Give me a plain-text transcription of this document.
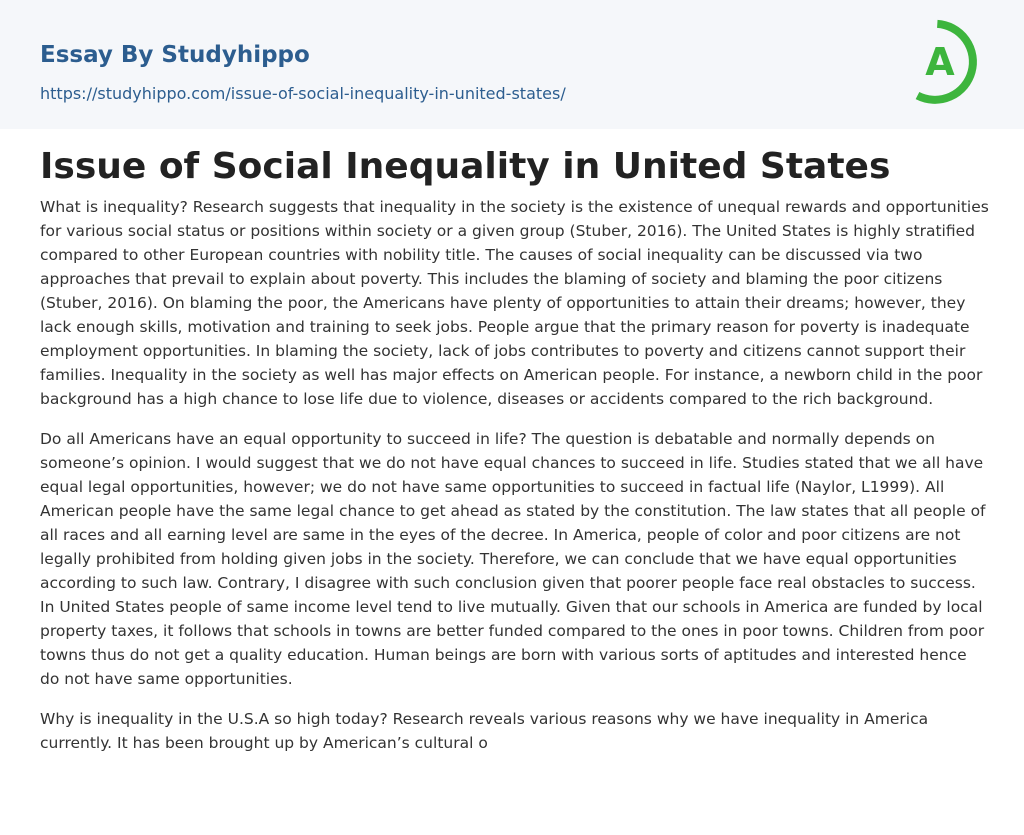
Essay By Studyhippo
https://studyhippo.com/issue-of-social-inequality-in-united-states/
A
Issue of Social Inequality in United States

What is inequality? Research suggests that inequality in the society is the existence of unequal rewards and opportunities for various social status or positions within society or a given group (Stuber, 2016). The United States is highly stratified compared to other European countries with nobility title. The causes of social inequality can be discussed via two approaches that prevail to explain about poverty. This includes the blaming of society and blaming the poor citizens (Stuber, 2016). On blaming the poor, the Americans have plenty of opportunities to attain their dreams; however, they lack enough skills, motivation and training to seek jobs. People argue that the primary reason for poverty is inadequate employment opportunities. In blaming the society, lack of jobs contributes to poverty and citizens cannot support their families. Inequality in the society as well has major effects on American people. For instance, a newborn child in the poor background has a high chance to lose life due to violence, diseases or accidents compared to the rich background.

Do all Americans have an equal opportunity to succeed in life? The question is debatable and normally depends on someone’s opinion. I would suggest that we do not have equal chances to succeed in life. Studies stated that we all have equal legal opportunities, however; we do not have same opportunities to succeed in factual life (Naylor, L1999). All American people have the same legal chance to get ahead as stated by the constitution. The law states that all people of all races and all earning level are same in the eyes of the decree. In America, people of color and poor citizens are not legally prohibited from holding given jobs in the society. Therefore, we can conclude that we have equal opportunities according to such law. Contrary, I disagree with such conclusion given that poorer people face real obstacles to success. In United States people of same income level tend to live mutually. Given that our schools in America are funded by local property taxes, it follows that schools in towns are better funded compared to the ones in poor towns. Children from poor towns thus do not get a quality education. Human beings are born with various sorts of aptitudes and interested hence do not have same opportunities.

Why is inequality in the U.S.A so high today? Research reveals various reasons why we have inequality in America currently. It has been brought up by American’s cultural o
